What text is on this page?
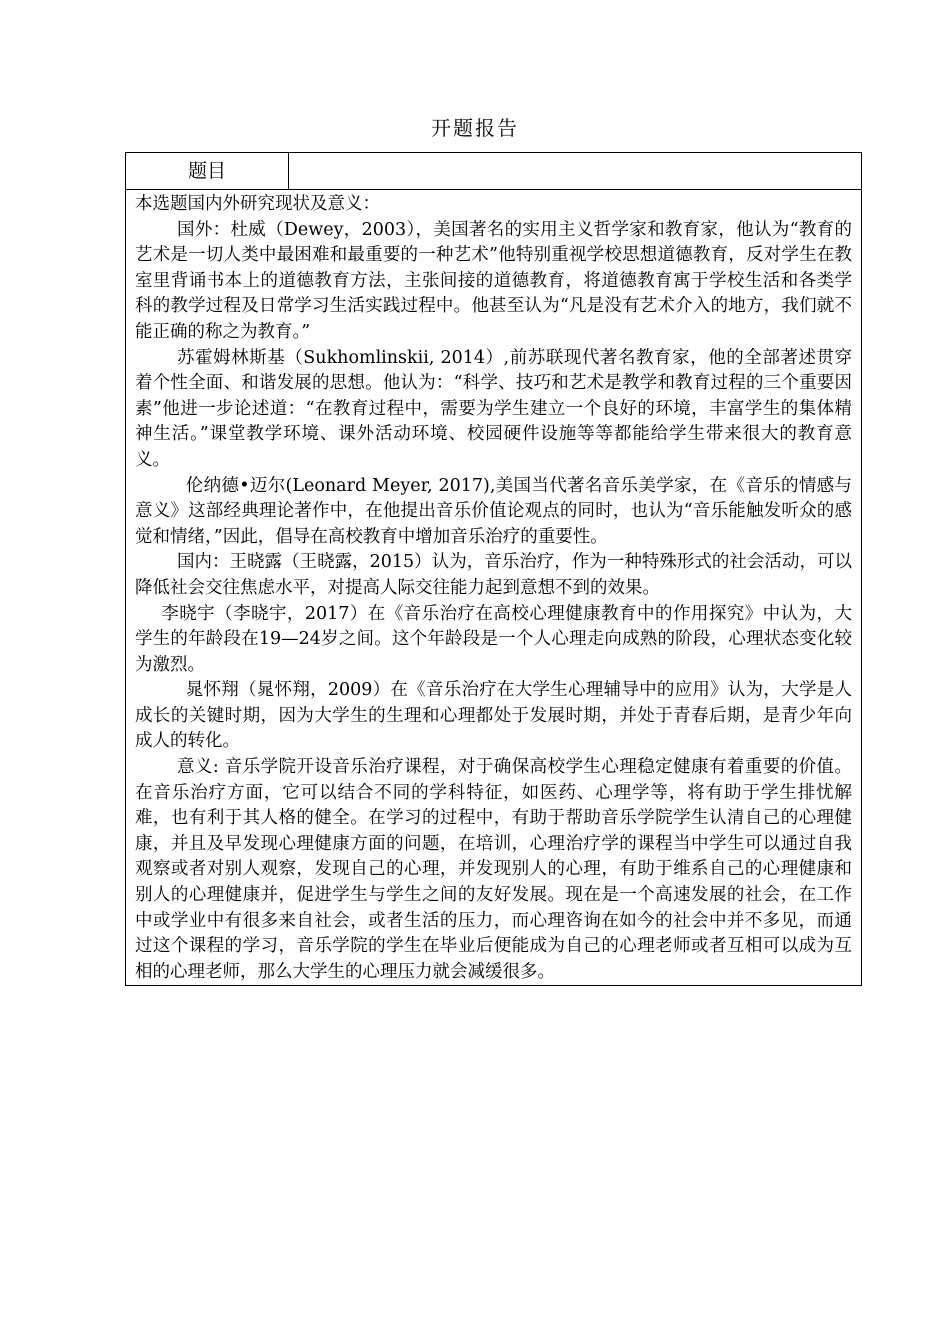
开题报告
题目

本选题国内外研究现状及意义：

国外：杜威（Dewey，2003），美国著名的实用主义哲学家和教育家，他认为“教育的艺术是一切人类中最困难和最重要的一种艺术”他特别重视学校思想道德教育，反对学生在教室里背诵书本上的道德教育方法，主张间接的道德教育，将道德教育寓于学校生活和各类学科的教学过程及日常学习生活实践过程中。他甚至认为“凡是没有艺术介入的地方，我们就不能正确的称之为教育。”

苏霍姆林斯基（Sukhomlinskii, 2014）,前苏联现代著名教育家，他的全部著述贯穿着个性全面、和谐发展的思想。他认为：“科学、技巧和艺术是教学和教育过程的三个重要因素”他进一步论述道：“在教育过程中，需要为学生建立一个良好的环境，丰富学生的集体精神生活。”课堂教学环境、课外活动环境、校园硬件设施等等都能给学生带来很大的教育意义。

伦纳德•迈尔(Leonard Meyer, 2017),美国当代著名音乐美学家，在《音乐的情感与意义》这部经典理论著作中，在他提出音乐价值论观点的同时，也认为“音乐能触发听众的感觉和情绪，”因此，倡导在高校教育中增加音乐治疗的重要性。

国内：王晓露（王晓露，2015）认为，音乐治疗，作为一种特殊形式的社会活动，可以降低社会交往焦虑水平，对提高人际交往能力起到意想不到的效果。

李晓宇（李晓宇，2017）在《音乐治疗在高校心理健康教育中的作用探究》中认为，大学生的年龄段在19—24岁之间。这个年龄段是一个人心理走向成熟的阶段，心理状态变化较为激烈。

晁怀翔（晁怀翔，2009）在《音乐治疗在大学生心理辅导中的应用》认为，大学是人成长的关键时期，因为大学生的生理和心理都处于发展时期，并处于青春后期，是青少年向成人的转化。

意义: 音乐学院开设音乐治疗课程，对于确保高校学生心理稳定健康有着重要的价值。在音乐治疗方面，它可以结合不同的学科特征，如医药、心理学等，将有助于学生排忧解难，也有利于其人格的健全。在学习的过程中，有助于帮助音乐学院学生认清自己的心理健康，并且及早发现心理健康方面的问题，在培训，心理治疗学的课程当中学生可以通过自我观察或者对别人观察，发现自己的心理，并发现别人的心理，有助于维系自己的心理健康和别人的心理健康并，促进学生与学生之间的友好发展。现在是一个高速发展的社会，在工作中或学业中有很多来自社会，或者生活的压力，而心理咨询在如今的社会中并不多见，而通过这个课程的学习，音乐学院的学生在毕业后便能成为自己的心理老师或者互相可以成为互相的心理老师，那么大学生的心理压力就会减缓很多。
